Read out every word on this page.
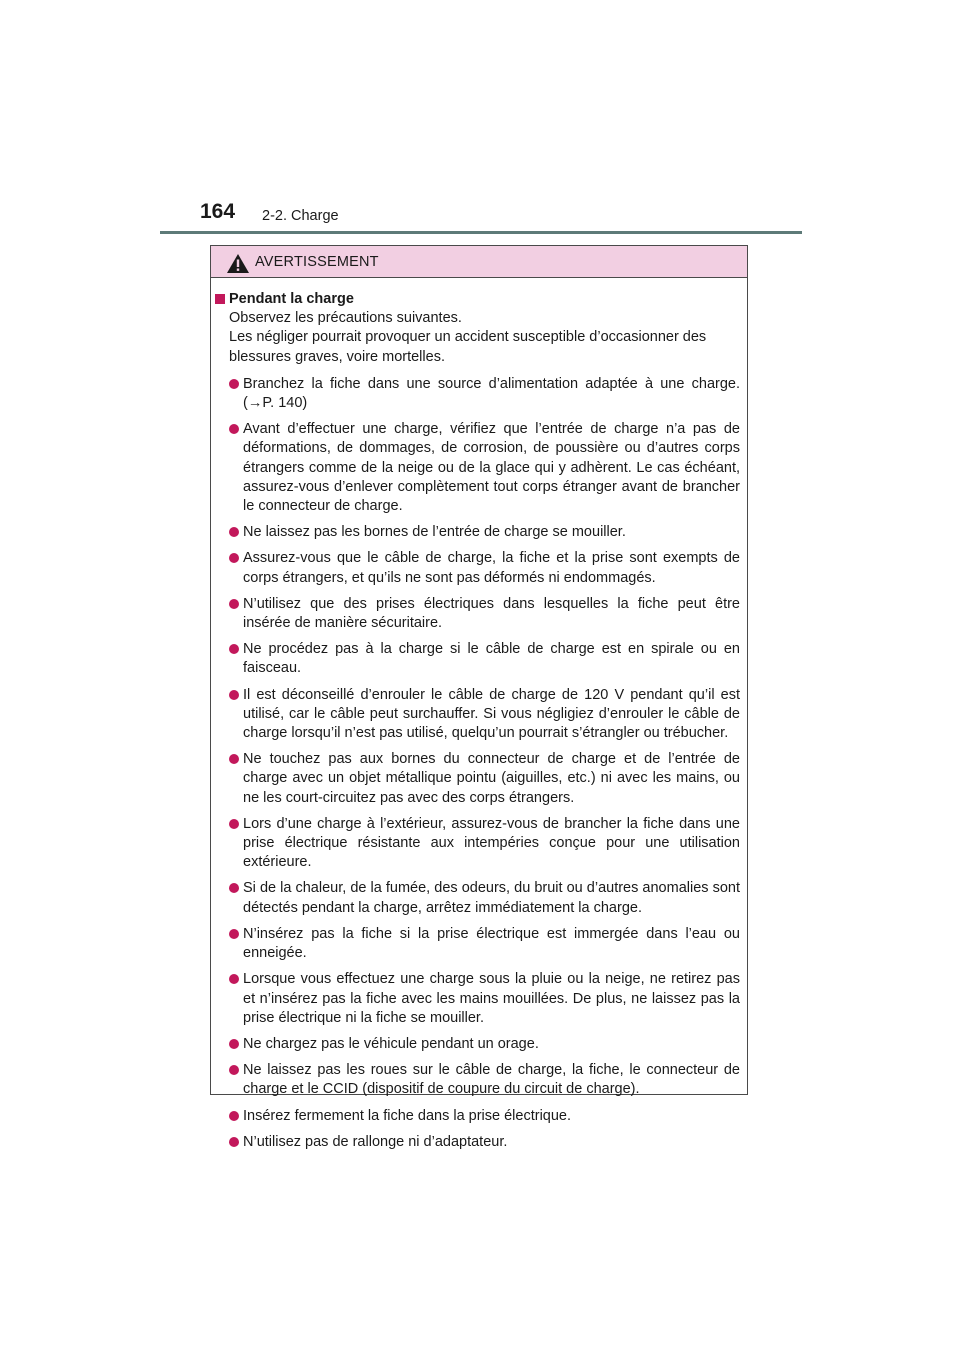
164 2-2. Charge
AVERTISSEMENT
Pendant la charge
Observez les précautions suivantes.
Les négliger pourrait provoquer un accident susceptible d’occasionner des blessures graves, voire mortelles.
Branchez la fiche dans une source d’alimentation adaptée à une charge. (→P. 140)
Avant d’effectuer une charge, vérifiez que l’entrée de charge n’a pas de déformations, de dommages, de corrosion, de poussière ou d’autres corps étrangers comme de la neige ou de la glace qui y adhèrent. Le cas échéant, assurez-vous d’enlever complètement tout corps étranger avant de brancher le connecteur de charge.
Ne laissez pas les bornes de l’entrée de charge se mouiller.
Assurez-vous que le câble de charge, la fiche et la prise sont exempts de corps étrangers, et qu’ils ne sont pas déformés ni endommagés.
N’utilisez que des prises électriques dans lesquelles la fiche peut être insérée de manière sécuritaire.
Ne procédez pas à la charge si le câble de charge est en spirale ou en faisceau.
Il est déconseillé d’enrouler le câble de charge de 120 V pendant qu’il est utilisé, car le câble peut surchauffer. Si vous négligiez d’enrouler le câble de charge lorsqu’il n’est pas utilisé, quelqu’un pourrait s’étrangler ou trébucher.
Ne touchez pas aux bornes du connecteur de charge et de l’entrée de charge avec un objet métallique pointu (aiguilles, etc.) ni avec les mains, ou ne les court-circuitez pas avec des corps étrangers.
Lors d’une charge à l’extérieur, assurez-vous de brancher la fiche dans une prise électrique résistante aux intempéries conçue pour une utilisation extérieure.
Si de la chaleur, de la fumée, des odeurs, du bruit ou d’autres anomalies sont détectés pendant la charge, arrêtez immédiatement la charge.
N’insérez pas la fiche si la prise électrique est immergée dans l’eau ou enneigée.
Lorsque vous effectuez une charge sous la pluie ou la neige, ne retirez pas et n’insérez pas la fiche avec les mains mouillées. De plus, ne laissez pas la prise électrique ni la fiche se mouiller.
Ne chargez pas le véhicule pendant un orage.
Ne laissez pas les roues sur le câble de charge, la fiche, le connecteur de charge et le CCID (dispositif de coupure du circuit de charge).
Insérez fermement la fiche dans la prise électrique.
N’utilisez pas de rallonge ni d’adaptateur.
